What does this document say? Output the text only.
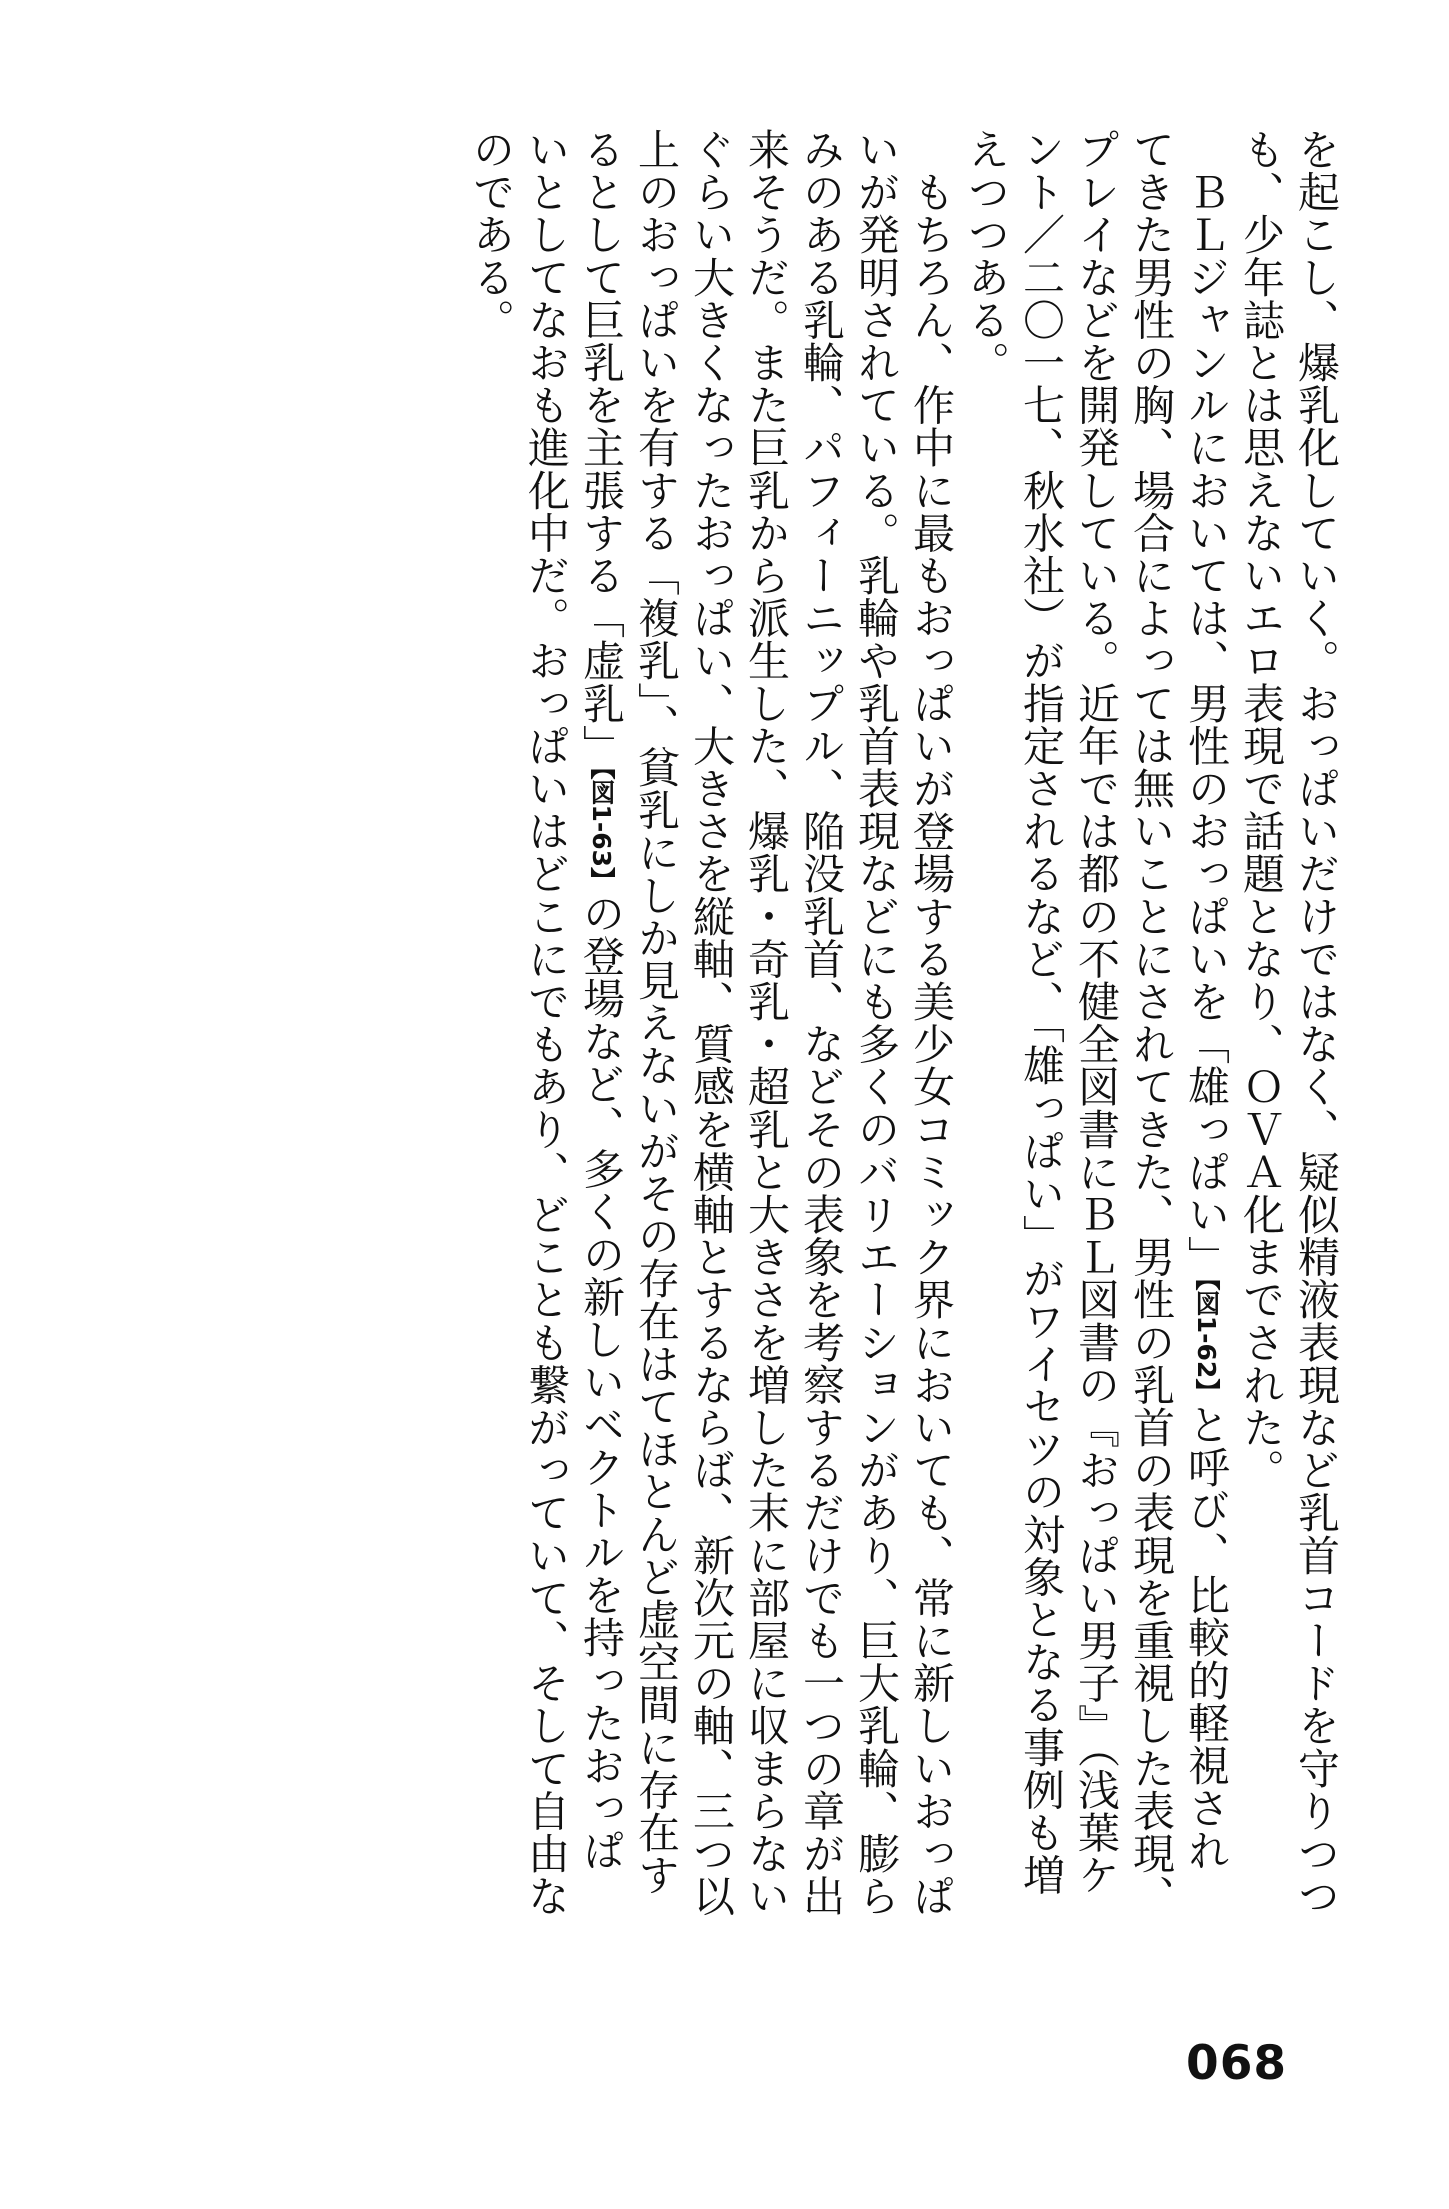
を起こし、爆乳化していく。おっぱいだけではなく、疑似精液表現など乳首コードを守りつつ
も、少年誌とは思えないエロ表現で話題となり、ＯＶＡ化までされた。
　ＢＬジャンルにおいては、男性のおっぱいを「雄っぱい」【図1-62】と呼び、比較的軽視され
てきた男性の胸、場合によっては無いことにされてきた、男性の乳首の表現を重視した表現、
プレイなどを開発している。近年では都の不健全図書にＢＬ図書の『おっぱい男子』（浅葉ケ
ント／二〇一七、秋水社）が指定されるなど、「雄っぱい」がワイセツの対象となる事例も増
えつつある。
　もちろん、作中に最もおっぱいが登場する美少女コミック界においても、常に新しいおっぱ
いが発明されている。乳輪や乳首表現などにも多くのバリエーションがあり、巨大乳輪、膨ら
みのある乳輪、パフィーニップル、陥没乳首、などその表象を考察するだけでも一つの章が出
来そうだ。また巨乳から派生した、爆乳・奇乳・超乳と大きさを増した末に部屋に収まらない
ぐらい大きくなったおっぱい、大きさを縦軸、質感を横軸とするならば、新次元の軸、三つ以
上のおっぱいを有する「複乳」、貧乳にしか見えないがその存在はてほとんど虚空間に存在す
るとして巨乳を主張する「虚乳」【図1-63】の登場など、多くの新しいベクトルを持ったおっぱ
いとしてなおも進化中だ。おっぱいはどこにでもあり、どことも繋がっていて、そして自由な
のである。
068
